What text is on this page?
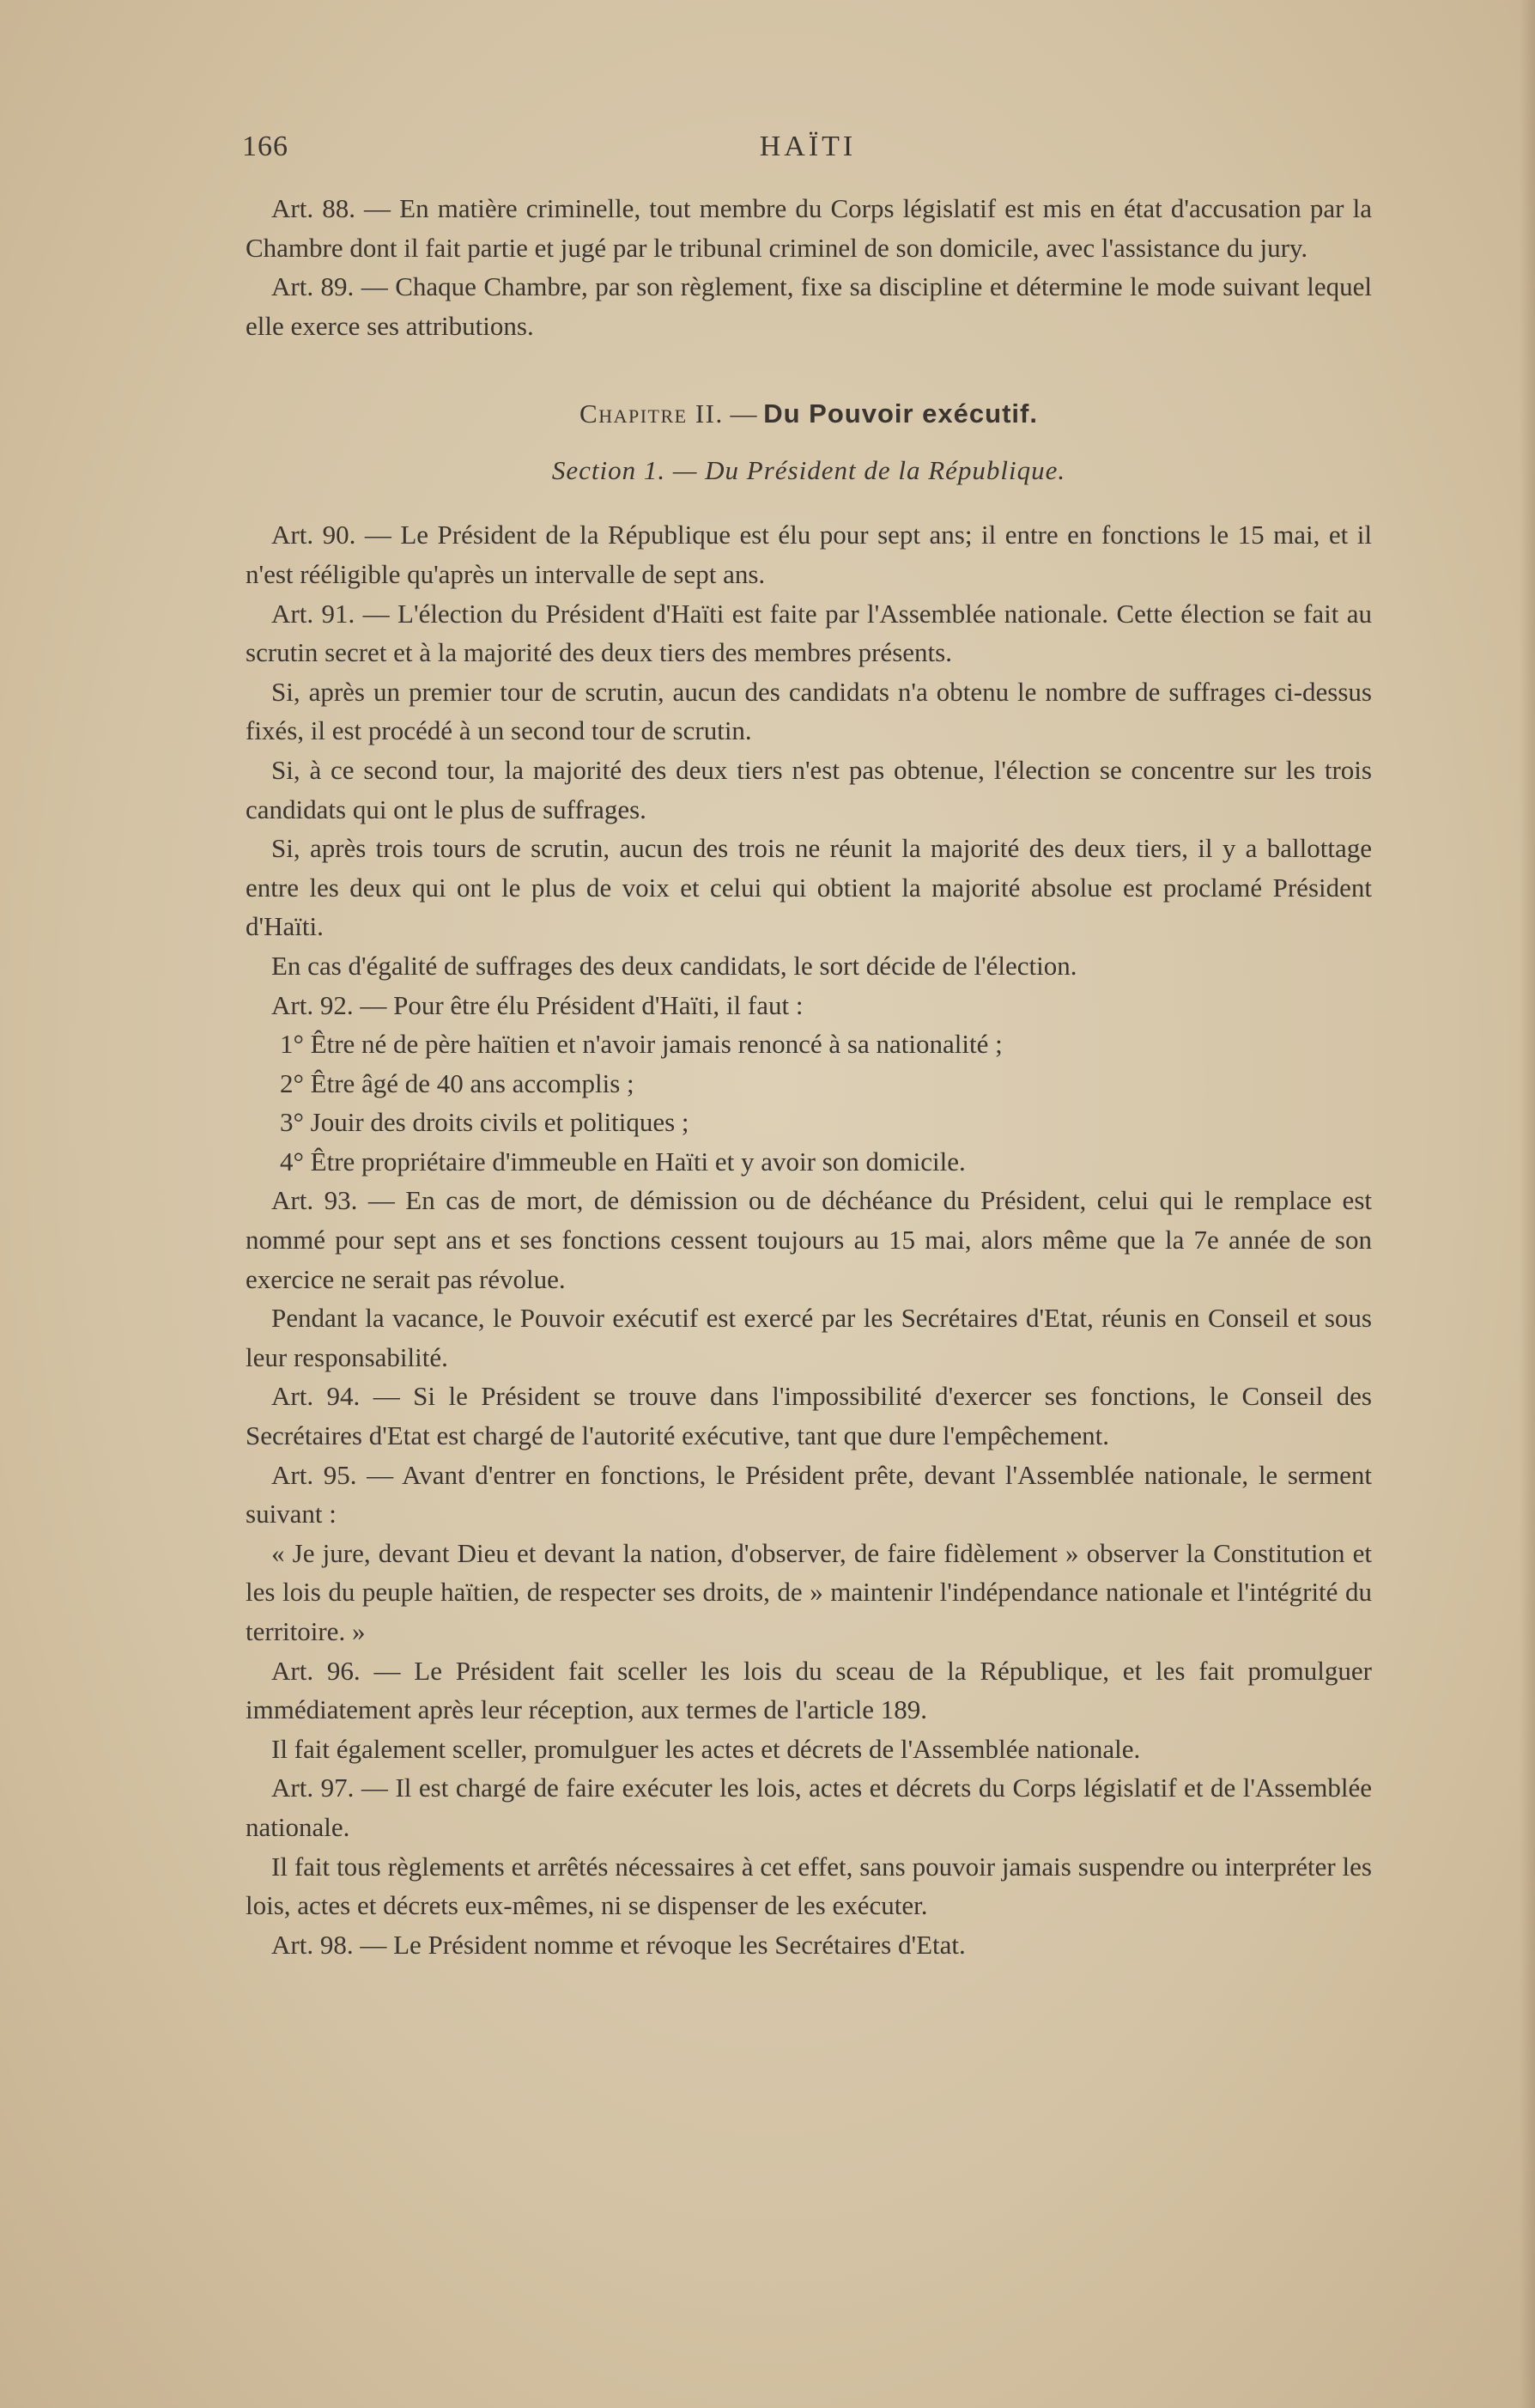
166	HAÏTI

Art. 88. — En matière criminelle, tout membre du Corps législatif est mis en état d'accusation par la Chambre dont il fait partie et jugé par le tribunal criminel de son domicile, avec l'assistance du jury.

Art. 89. — Chaque Chambre, par son règlement, fixe sa discipline et détermine le mode suivant lequel elle exerce ses attributions.

Chapitre II. — Du Pouvoir exécutif.
Section 1. — Du Président de la République.

Art. 90. — Le Président de la République est élu pour sept ans; il entre en fonctions le 15 mai, et il n'est rééligible qu'après un intervalle de sept ans.

Art. 91. — L'élection du Président d'Haïti est faite par l'Assemblée nationale. Cette élection se fait au scrutin secret et à la majorité des deux tiers des membres présents.

Si, après un premier tour de scrutin, aucun des candidats n'a obtenu le nombre de suffrages ci-dessus fixés, il est procédé à un second tour de scrutin.

Si, à ce second tour, la majorité des deux tiers n'est pas obtenue, l'élection se concentre sur les trois candidats qui ont le plus de suffrages.

Si, après trois tours de scrutin, aucun des trois ne réunit la majorité des deux tiers, il y a ballottage entre les deux qui ont le plus de voix et celui qui obtient la majorité absolue est proclamé Président d'Haïti.

En cas d'égalité de suffrages des deux candidats, le sort décide de l'élection.

Art. 92. — Pour être élu Président d'Haïti, il faut :

1° Être né de père haïtien et n'avoir jamais renoncé à sa nationalité ;

2° Être âgé de 40 ans accomplis ;

3° Jouir des droits civils et politiques ;

4° Être propriétaire d'immeuble en Haïti et y avoir son domicile.

Art. 93. — En cas de mort, de démission ou de déchéance du Président, celui qui le remplace est nommé pour sept ans et ses fonctions cessent toujours au 15 mai, alors même que la 7e année de son exercice ne serait pas révolue.

Pendant la vacance, le Pouvoir exécutif est exercé par les Secrétaires d'Etat, réunis en Conseil et sous leur responsabilité.

Art. 94. — Si le Président se trouve dans l'impossibilité d'exercer ses fonctions, le Conseil des Secrétaires d'Etat est chargé de l'autorité exécutive, tant que dure l'empêchement.

Art. 95. — Avant d'entrer en fonctions, le Président prête, devant l'Assemblée nationale, le serment suivant :

« Je jure, devant Dieu et devant la nation, d'observer, de faire fidèlement » observer la Constitution et les lois du peuple haïtien, de respecter ses droits, de » maintenir l'indépendance nationale et l'intégrité du territoire. »

Art. 96. — Le Président fait sceller les lois du sceau de la République, et les fait promulguer immédiatement après leur réception, aux termes de l'article 189.

Il fait également sceller, promulguer les actes et décrets de l'Assemblée nationale.

Art. 97. — Il est chargé de faire exécuter les lois, actes et décrets du Corps législatif et de l'Assemblée nationale.

Il fait tous règlements et arrêtés nécessaires à cet effet, sans pouvoir jamais suspendre ou interpréter les lois, actes et décrets eux-mêmes, ni se dispenser de les exécuter.

Art. 98. — Le Président nomme et révoque les Secrétaires d'Etat.
